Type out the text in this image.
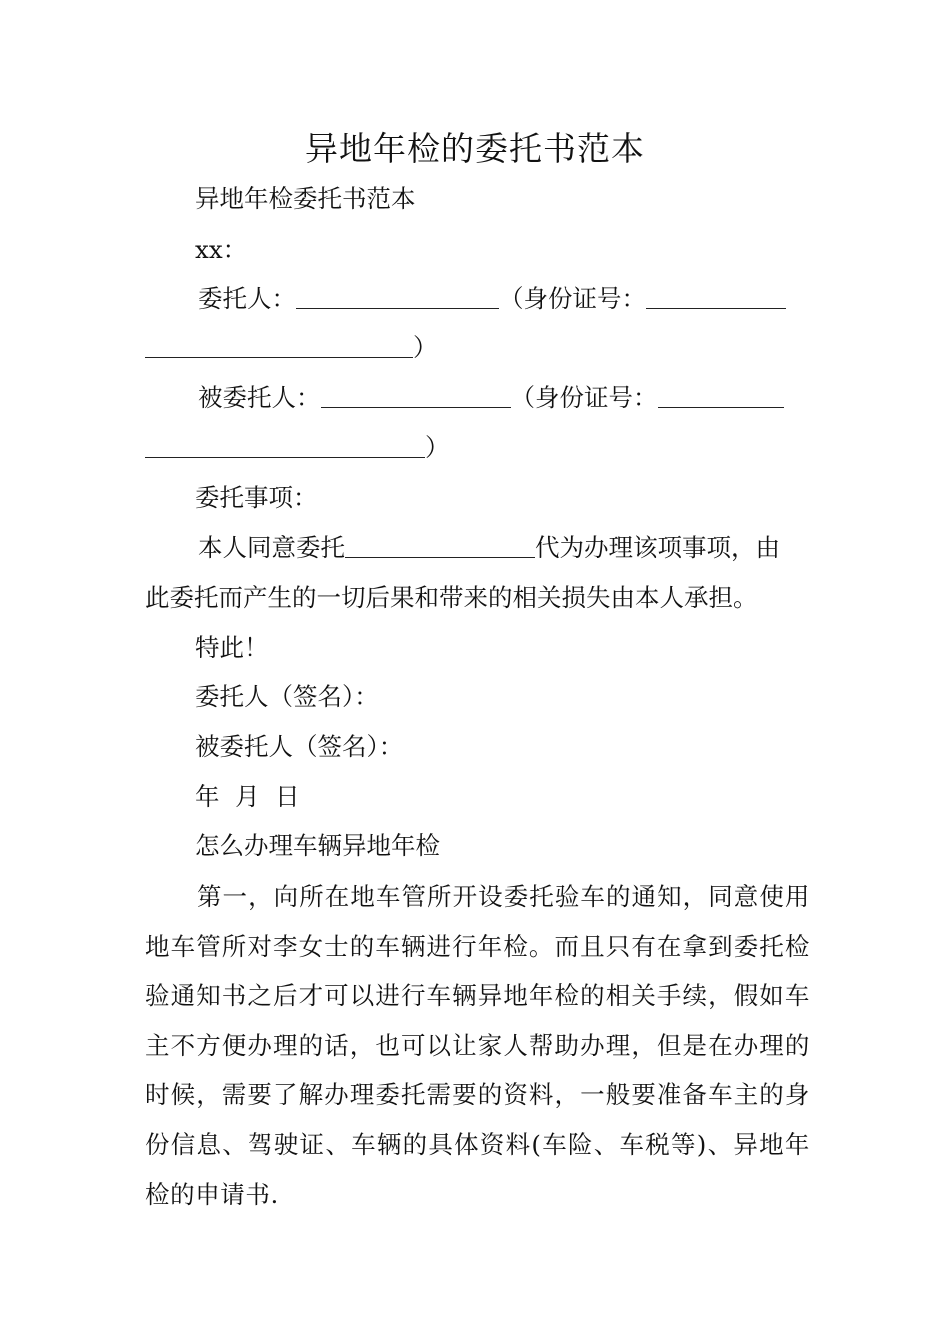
异地年检的委托书范本
异地年检委托书范本
xx：
委托人：	（身份证号：
）
被委托人：	（身份证号：
）
委托事项：
本人同意委托	代为办理该项事项，由
此委托而产生的一切后果和带来的相关损失由本人承担。
特此！
委托人（签名）：
被委托人（签名）：
年  月  日
怎么办理车辆异地年检
第一，向所在地车管所开设委托验车的通知，同意使用地车管所对李女士的车辆进行年检。而且只有在拿到委托检验通知书之后才可以进行车辆异地年检的相关手续，假如车主不方便办理的话，也可以让家人帮助办理，但是在办理的时候，需要了解办理委托需要的资料，一般要准备车主的身份信息、驾驶证、车辆的具体资料(车险、车税等)、异地年检的申请书.
